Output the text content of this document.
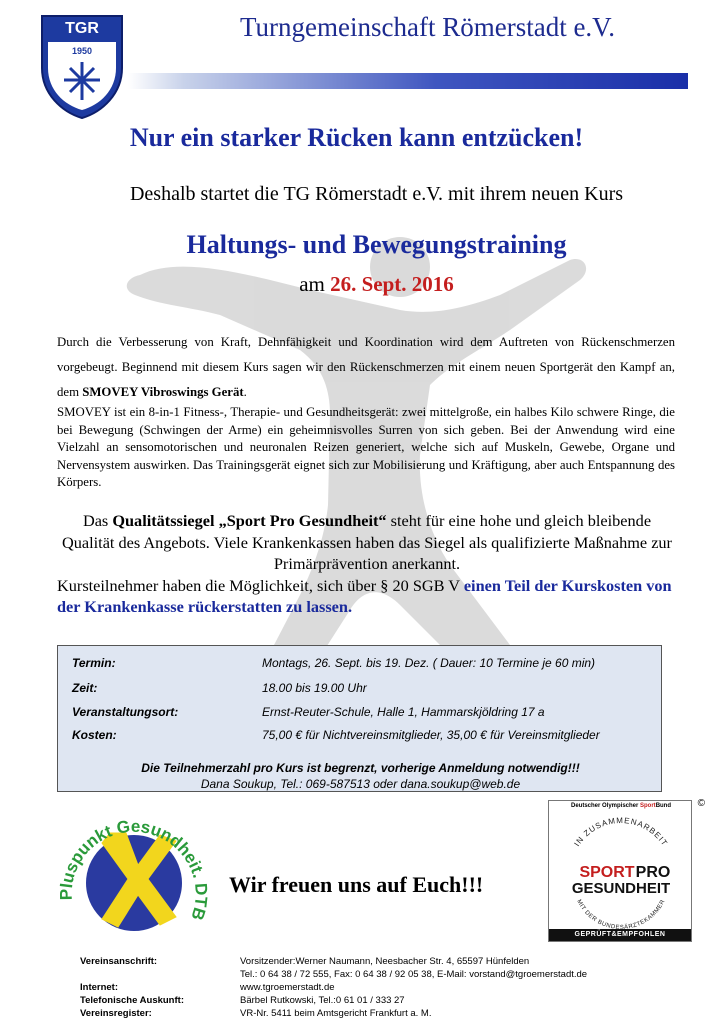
TGR
1950
Turngemeinschaft Römerstadt e.V.
Nur ein starker Rücken kann entzücken!
Deshalb startet die TG Römerstadt e.V. mit ihrem neuen Kurs
Haltungs- und Bewegungstraining
am 26. Sept. 2016
Durch die Verbesserung von Kraft, Dehnfähigkeit und Koordination wird dem Auftreten von Rückenschmerzen vorgebeugt. Beginnend mit diesem Kurs sagen wir den Rückenschmerzen mit einem neuen Sportgerät den Kampf an, dem SMOVEY Vibroswings Gerät.
SMOVEY ist ein 8-in-1 Fitness-, Therapie- und Gesundheitsgerät: zwei mittelgroße, ein halbes Kilo schwere Ringe, die bei Bewegung (Schwingen der Arme) ein geheimnisvolles Surren von sich geben. Bei der Anwendung wird eine Vielzahl an sensomotorischen und neuronalen Reizen generiert, welche sich auf Muskeln, Gewebe, Organe und Nervensystem auswirken. Das Trainingsgerät eignet sich zur Mobilisierung und Kräftigung, aber auch Entspannung des Körpers.
Das Qualitätssiegel „Sport Pro Gesundheit“ steht für eine hohe und gleich bleibende Qualität des Angebots. Viele Krankenkassen haben das Siegel als qualifizierte Maßnahme zur Primärprävention anerkannt.
Kursteilnehmer haben die Möglichkeit, sich über § 20 SGB V einen Teil der Kurskosten von der Krankenkasse rückerstatten zu lassen.
Termin:	Montags, 26. Sept. bis 19. Dez. ( Dauer: 10 Termine je 60 min)
Zeit:	18.00 bis 19.00 Uhr
Veranstaltungsort:	Ernst-Reuter-Schule, Halle 1, Hammarskjöldring 17 a
Kosten:	75,00 € für Nichtvereinsmitglieder, 35,00 € für Vereinsmitglieder
Die Teilnehmerzahl pro Kurs ist begrenzt, vorherige Anmeldung notwendig!!!
Dana Soukup, Tel.: 069-587513 oder dana.soukup@web.de
Pluspunkt Gesundheit. DTB
Wir freuen uns auf Euch!!!
Deutscher Olympischer SportBund	©
IN ZUSAMMENARBEIT
SPORT PRO
GESUNDHEIT
MIT DER BUNDESÄRZTEKAMMER
GEPRÜFT&EMPFOHLEN
Vereinsanschrift:	Vorsitzender:Werner Naumann, Neesbacher Str. 4, 65597 Hünfelden
Tel.: 0 64 38 / 72 555, Fax: 0 64 38 / 92 05 38, E-Mail: vorstand@tgroemerstadt.de
Internet:	www.tgroemerstadt.de
Telefonische Auskunft:	Bärbel Rutkowski, Tel.:0 61 01 / 333 27
Vereinsregister:	VR-Nr. 5411 beim Amtsgericht Frankfurt a. M.
